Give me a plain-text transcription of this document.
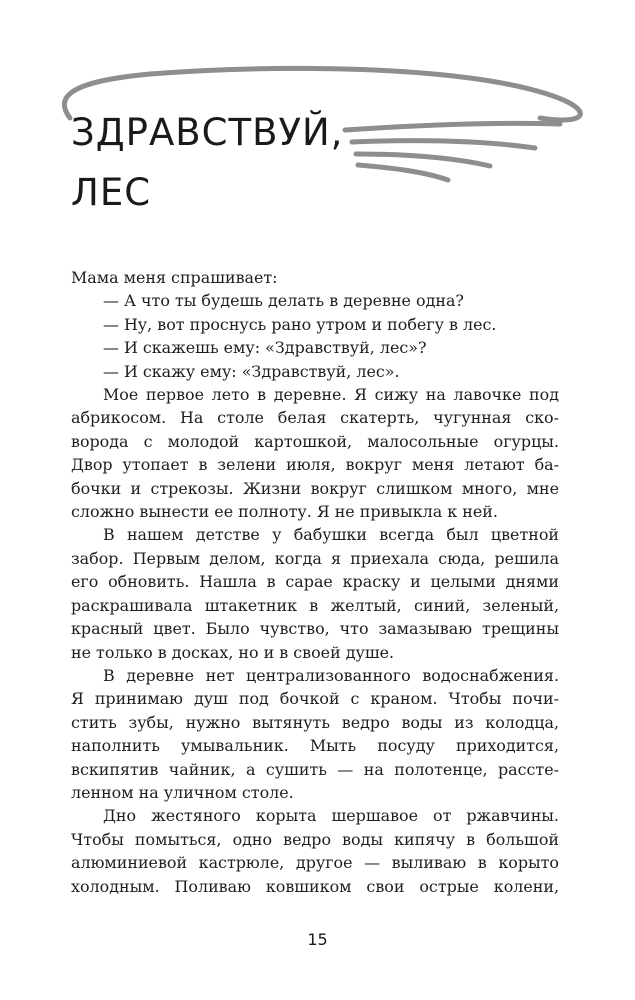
ЗДРАВСТВУЙ,
ЛЕС
Мама меня спрашивает:
— А что ты будешь делать в деревне одна?
— Ну, вот проснусь рано утром и побегу в лес.
— И скажешь ему: «Здравствуй, лес»?
— И скажу ему: «Здравствуй, лес».
Мое первое лето в деревне. Я сижу на лавочке под
абрикосом. На столе белая скатерть, чугунная ско-
ворода с молодой картошкой, малосольные огурцы.
Двор утопает в зелени июля, вокруг меня летают ба-
бочки и стрекозы. Жизни вокруг слишком много, мне
сложно вынести ее полноту. Я не привыкла к ней.
В нашем детстве у бабушки всегда был цветной
забор. Первым делом, когда я приехала сюда, решила
его обновить. Нашла в сарае краску и целыми днями
раскрашивала штакетник в желтый, синий, зеленый,
красный цвет. Было чувство, что замазываю трещины
не только в досках, но и в своей душе.
В деревне нет централизованного водоснабжения.
Я принимаю душ под бочкой с краном. Чтобы почи-
стить зубы, нужно вытянуть ведро воды из колодца,
наполнить умывальник. Мыть посуду приходится,
вскипятив чайник, а сушить — на полотенце, рассте-
ленном на уличном столе.
Дно жестяного корыта шершавое от ржавчины.
Чтобы помыться, одно ведро воды кипячу в большой
алюминиевой кастрюле, другое — выливаю в корыто
холодным. Поливаю ковшиком свои острые колени,
15
